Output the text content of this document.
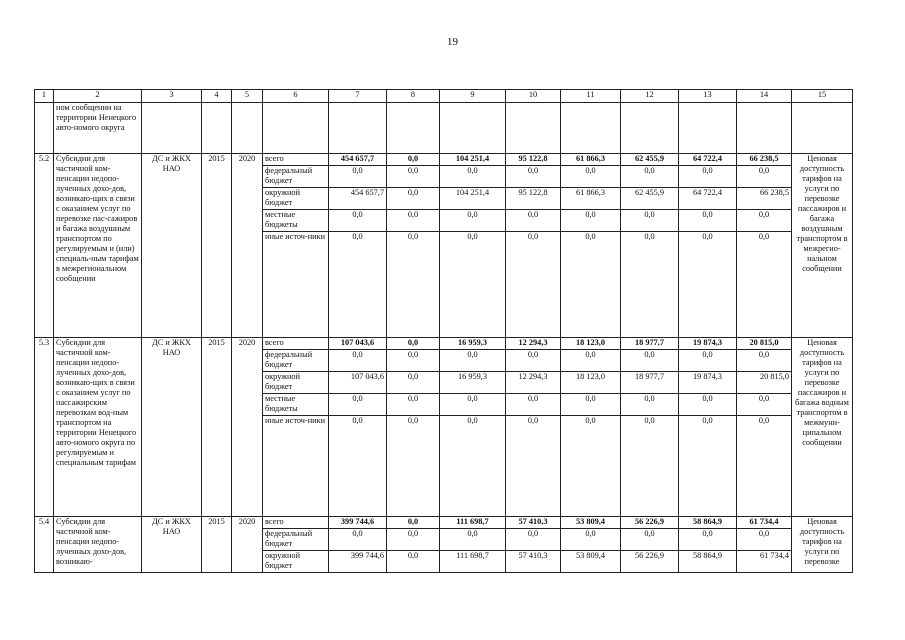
19
1	2	3	4	5	6	7	8	9	10	11	12	13	14	15
	ном сообщении на территории Ненецкого авто-номого округа													
5.2	Субсидии для частичной ком-пенсации недопо-лученных дохо-дов, возникаю-щих в связи с оказанием услуг по перевозке пас-сажиров и багажа воздушным транспортом по регулируемым и (или) специаль-ным тарифам в межрегиональном сообщении	ДС и ЖКХ НАО	2015	2020	всего	454 657,7	0,0	104 251,4	95 122,8	61 866,3	62 455,9	64 722,4	66 238,5	Ценовая доступность тарифов на услуги по перевозке пассажиров и багажа воздушным транспортом в межрегио-нальном сообщении
					федеральный бюджет	0,0	0,0	0,0	0,0	0,0	0,0	0,0	0,0	
					окружной бюджет	454 657,7	0,0	104 251,4	95 122,8	61 866,3	62 455,9	64 722,4	66 238,5	
					местные бюджеты	0,0	0,0	0,0	0,0	0,0	0,0	0,0	0,0	
					иные источ-ники	0,0	0,0	0,0	0,0	0,0	0,0	0,0	0,0	
5.3	Субсидии для частичной ком-пенсации недопо-лученных дохо-дов, возникаю-щих в связи с оказанием услуг по пассажирским перевозкам вод-ным транспортом на территории Ненецкого авто-номого округа по регулируемым и специальным тарифам	ДС и ЖКХ НАО	2015	2020	всего	107 043,6	0,0	16 959,3	12 294,3	18 123,0	18 977,7	19 874,3	20 815,0	Ценовая доступность тарифов на услуги по перевозке пассажиров и багажа водным транспортом в межмуни-ципальном сообщении
					федеральный бюджет	0,0	0,0	0,0	0,0	0,0	0,0	0,0	0,0	
					окружной бюджет	107 043,6	0,0	16 959,3	12 294,3	18 123,0	18 977,7	19 874,3	20 815,0	
					местные бюджеты	0,0	0,0	0,0	0,0	0,0	0,0	0,0	0,0	
					иные источ-ники	0,0	0,0	0,0	0,0	0,0	0,0	0,0	0,0	
5.4	Субсидии для частичной ком-пенсации недопо-лученных дохо-дов, возникаю-	ДС и ЖКХ НАО	2015	2020	всего	399 744,6	0,0	111 698,7	57 410,3	53 809,4	56 226,9	58 864,9	61 734,4	Ценовая доступность тарифов на услуги по перевозке
					федеральный бюджет	0,0	0,0	0,0	0,0	0,0	0,0	0,0	0,0	
					окружной бюджет	399 744,6	0,0	111 698,7	57 410,3	53 809,4	56 226,9	58 864,9	61 734,4	
